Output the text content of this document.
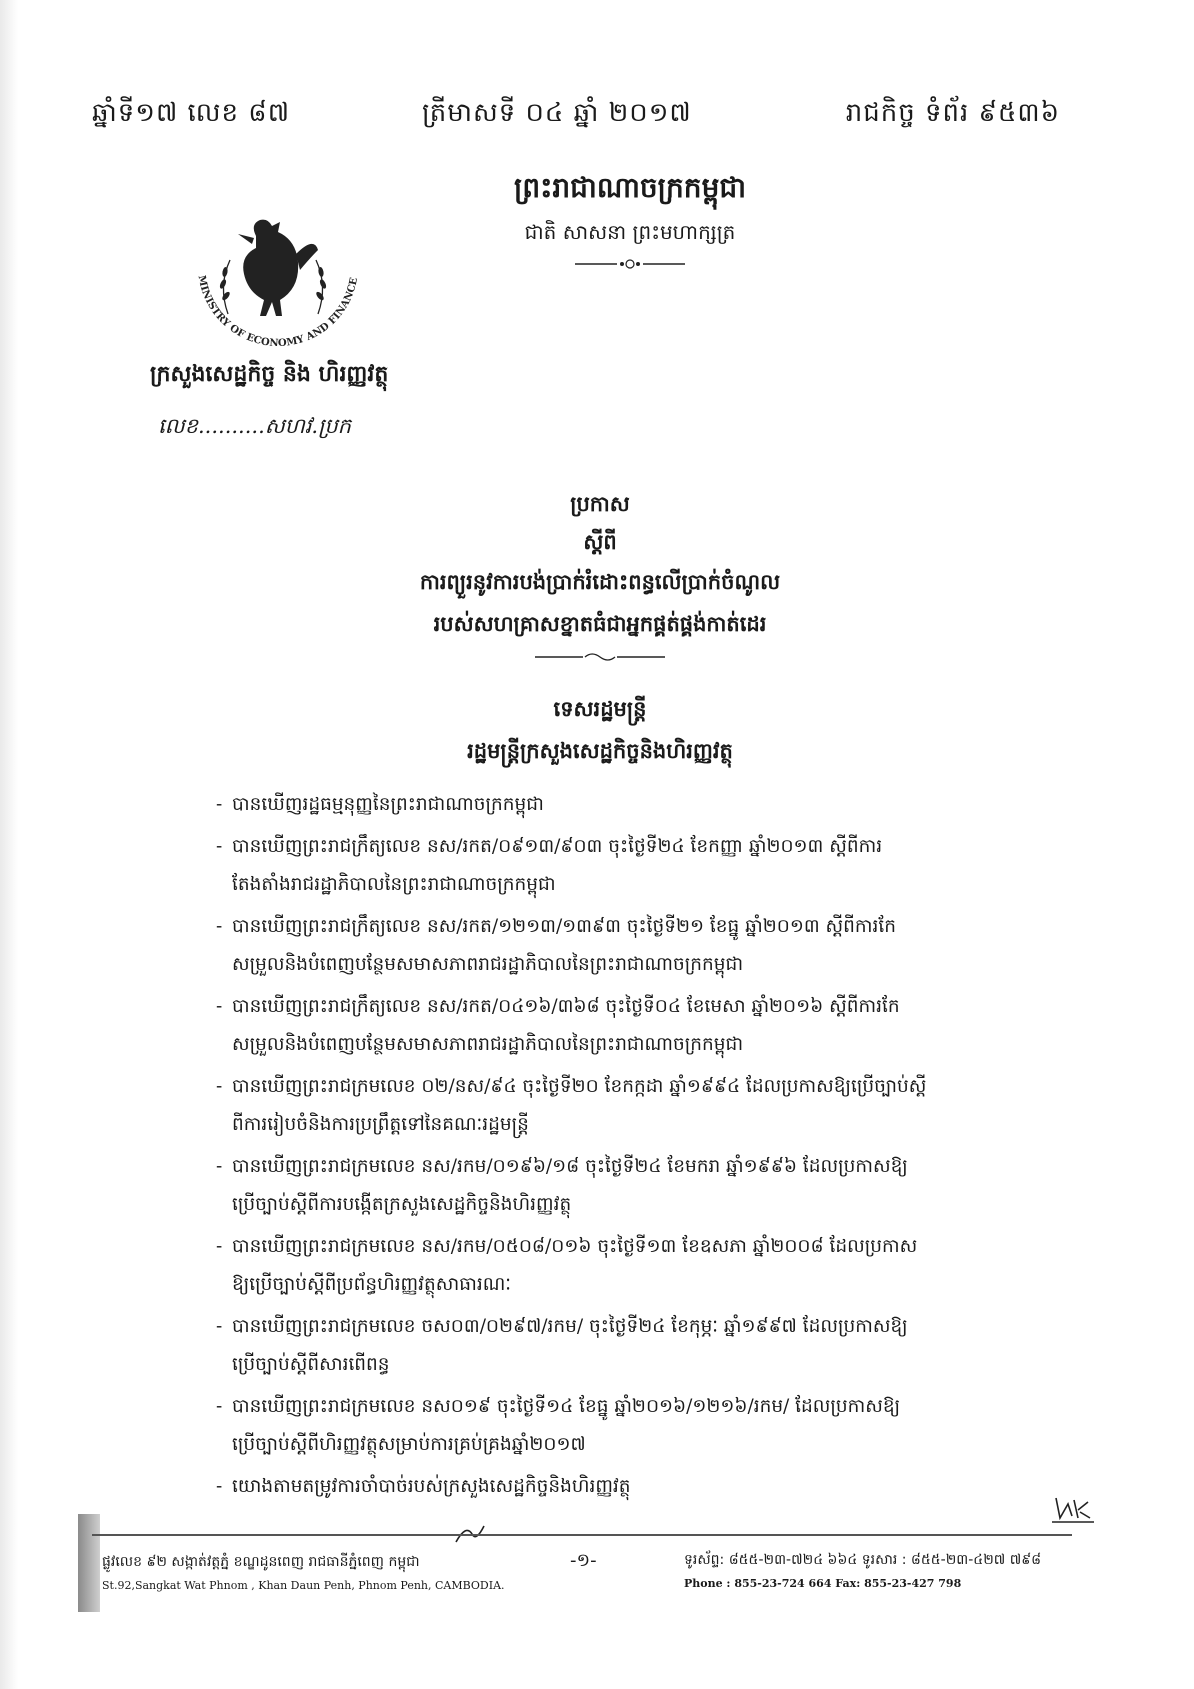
ឆ្នាំទី១៧ លេខ ៨៧	ត្រីមាសទី ០៤ ឆ្នាំ ២០១៧	រាជកិច្ច ទំព័រ ៩៥៣៦
ព្រះរាជាណាចក្រកម្ពុជា
ជាតិ សាសនា ព្រះមហាក្សត្រ
MINISTRY OF ECONOMY AND FINANCE
ក្រសួងសេដ្ឋកិច្ច និង ហិរញ្ញវត្ថុ
លេខ..........សហវ.ប្រក
ប្រកាស
ស្តីពី
ការព្យួរនូវការបង់ប្រាក់រំដោះពន្ធលើប្រាក់ចំណូល
របស់សហគ្រាសខ្នាតធំជាអ្នកផ្គត់ផ្គង់កាត់ដេរ
ទេសរដ្ឋមន្ត្រី
រដ្ឋមន្ត្រីក្រសួងសេដ្ឋកិច្ចនិងហិរញ្ញវត្ថុ
- បានឃើញរដ្ឋធម្មនុញ្ញនៃព្រះរាជាណាចក្រកម្ពុជា
- បានឃើញព្រះរាជក្រឹត្យលេខ នស/រកត/០៩១៣/៩០៣ ចុះថ្ងៃទី២៤ ខែកញ្ញា ឆ្នាំ២០១៣ ស្តីពីការ
តែងតាំងរាជរដ្ឋាភិបាលនៃព្រះរាជាណាចក្រកម្ពុជា
- បានឃើញព្រះរាជក្រឹត្យលេខ នស/រកត/១២១៣/១៣៩៣ ចុះថ្ងៃទី២១ ខែធ្នូ ឆ្នាំ២០១៣ ស្តីពីការកែ
សម្រួលនិងបំពេញបន្ថែមសមាសភាពរាជរដ្ឋាភិបាលនៃព្រះរាជាណាចក្រកម្ពុជា
- បានឃើញព្រះរាជក្រឹត្យលេខ នស/រកត/០៤១៦/៣៦៨ ចុះថ្ងៃទី០៤ ខែមេសា ឆ្នាំ២០១៦ ស្តីពីការកែ
សម្រួលនិងបំពេញបន្ថែមសមាសភាពរាជរដ្ឋាភិបាលនៃព្រះរាជាណាចក្រកម្ពុជា
- បានឃើញព្រះរាជក្រមលេខ ០២/នស/៩៤ ចុះថ្ងៃទី២០ ខែកក្កដា ឆ្នាំ១៩៩៤ ដែលប្រកាសឱ្យប្រើច្បាប់ស្តី
ពីការរៀបចំនិងការប្រព្រឹត្តទៅនៃគណៈរដ្ឋមន្ត្រី
- បានឃើញព្រះរាជក្រមលេខ នស/រកម/០១៩៦/១៨ ចុះថ្ងៃទី២៤ ខែមករា ឆ្នាំ១៩៩៦ ដែលប្រកាសឱ្យ
ប្រើច្បាប់ស្តីពីការបង្កើតក្រសួងសេដ្ឋកិច្ចនិងហិរញ្ញវត្ថុ
- បានឃើញព្រះរាជក្រមលេខ នស/រកម/០៥០៨/០១៦ ចុះថ្ងៃទី១៣ ខែឧសភា ឆ្នាំ២០០៨ ដែលប្រកាស
ឱ្យប្រើច្បាប់ស្តីពីប្រព័ន្ធហិរញ្ញវត្ថុសាធារណៈ
- បានឃើញព្រះរាជក្រមលេខ ចស០៣/០២៩៧/រកម/ ចុះថ្ងៃទី២៤ ខែកុម្ភៈ ឆ្នាំ១៩៩៧ ដែលប្រកាសឱ្យ
ប្រើច្បាប់ស្តីពីសារពើពន្ធ
- បានឃើញព្រះរាជក្រមលេខ នស០១៩ ចុះថ្ងៃទី១៤ ខែធ្នូ ឆ្នាំ២០១៦/១២១៦/រកម/ ដែលប្រកាសឱ្យ
ប្រើច្បាប់ស្តីពីហិរញ្ញវត្ថុសម្រាប់ការគ្រប់គ្រងឆ្នាំ២០១៧
- យោងតាមតម្រូវការចាំបាច់របស់ក្រសួងសេដ្ឋកិច្ចនិងហិរញ្ញវត្ថុ
-១-
ផ្លូវលេខ ៩២ សង្កាត់វត្តភ្នំ ខណ្ឌដូនពេញ រាជធានីភ្នំពេញ កម្ពុជា
St.92,Sangkat Wat Phnom , Khan Daun Penh, Phnom Penh, CAMBODIA.
ទូរស័ព្ទ: ៨៥៥-២៣-៧២៤ ៦៦៤ ទូរសារ : ៨៥៥-២៣-៤២៧ ៧៩៨
Phone : 855-23-724 664 Fax: 855-23-427 798
